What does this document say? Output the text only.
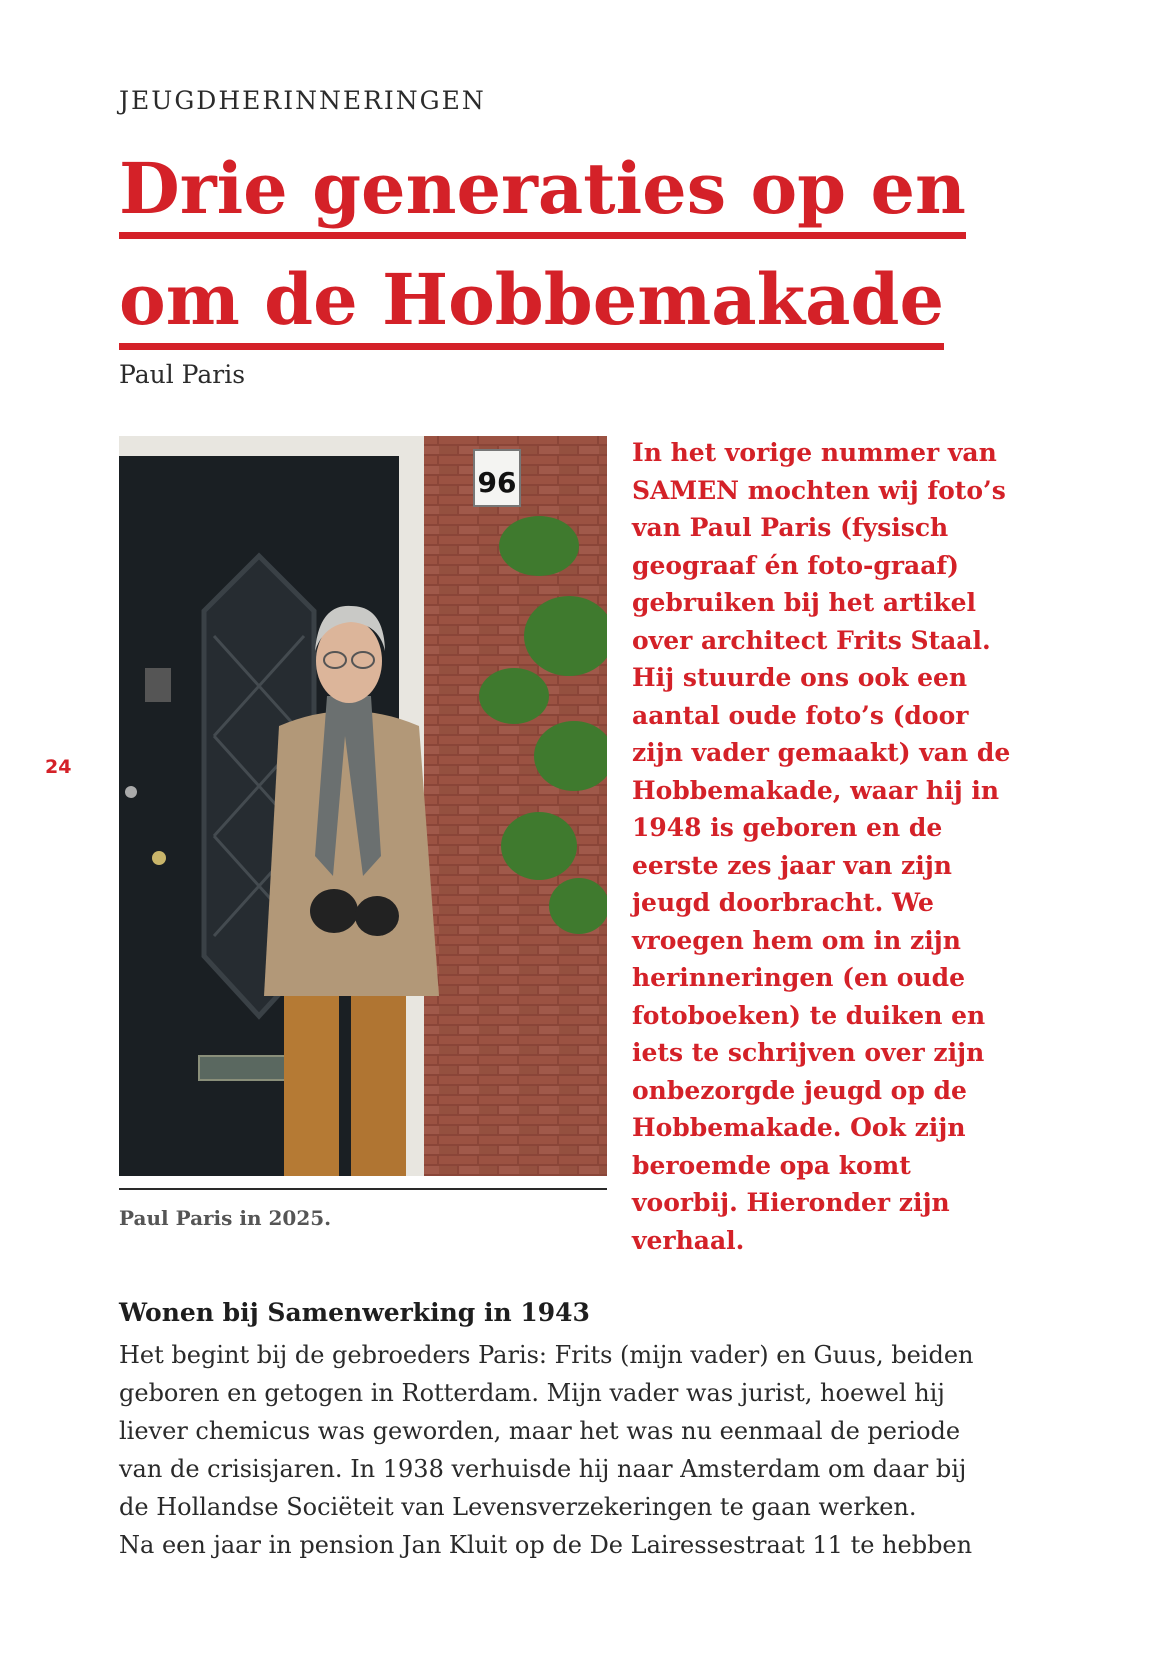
JEUGDHERINNERINGEN

Drie generaties op en
om de Hobbemakade

Paul Paris

24

96

Paul Paris in 2025.

In het vorige nummer van SAMEN mochten wij foto’s van Paul Paris (fysisch geograaf én foto-graaf) gebruiken bij het artikel over architect Frits Staal. Hij stuurde ons ook een aantal oude foto’s (door zijn vader gemaakt) van de Hobbemakade, waar hij in 1948 is geboren en de eerste zes jaar van zijn jeugd doorbracht. We vroegen hem om in zijn herinneringen (en oude fotoboeken) te duiken en iets te schrijven over zijn onbezorgde jeugd op de Hobbemakade. Ook zijn beroemde opa komt voorbij. Hieronder zijn verhaal.

Wonen bij Samenwerking in 1943

Het begint bij de gebroeders Paris: Frits (mijn vader) en Guus, beiden
geboren en getogen in Rotterdam. Mijn vader was jurist, hoewel hij
liever chemicus was geworden, maar het was nu eenmaal de periode
van de crisisjaren. In 1938 verhuisde hij naar Amsterdam om daar bij
de Hollandse Sociëteit van Levensverzekeringen te gaan werken.
Na een jaar in pension Jan Kluit op de De Lairessestraat 11 te hebben
